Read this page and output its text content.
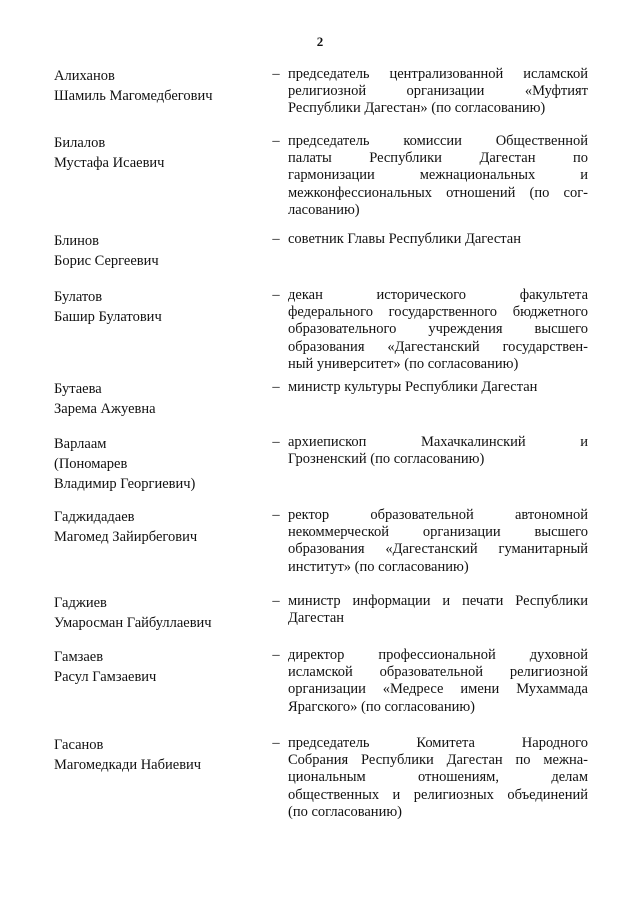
2
Алиханов
Шамиль Магомедбегович
– председатель централизованной исламской
религиозной организации «Муфтият
Республики Дагестан» (по согласованию)
Билалов
Мустафа Исаевич
– председатель комиссии Общественной
палаты Республики Дагестан по
гармонизации межнациональных и
межконфессиональных отношений (по сог-
ласованию)
Блинов
Борис Сергеевич
– советник Главы Республики Дагестан
Булатов
Башир Булатович
– декан исторического факультета
федерального государственного бюджетного
образовательного учреждения высшего
образования «Дагестанский государствен-
ный университет» (по согласованию)
Бутаева
Зарема Ажуевна
– министр культуры Республики Дагестан
Варлаам
(Пономарев
Владимир Георгиевич)
– архиепископ Махачкалинский и
Грозненский (по согласованию)
Гаджидадаев
Магомед Зайирбегович
– ректор образовательной автономной
некоммерческой организации высшего
образования «Дагестанский гуманитарный
институт» (по согласованию)
Гаджиев
Умаросман Гайбуллаевич
– министр информации и печати Республики
Дагестан
Гамзаев
Расул Гамзаевич
– директор профессиональной духовной
исламской образовательной религиозной
организации «Медресе имени Мухаммада
Ярагского» (по согласованию)
Гасанов
Магомедкади Набиевич
– председатель Комитета Народного
Собрания Республики Дагестан по межна-
циональным отношениям, делам
общественных и религиозных объединений
(по согласованию)
